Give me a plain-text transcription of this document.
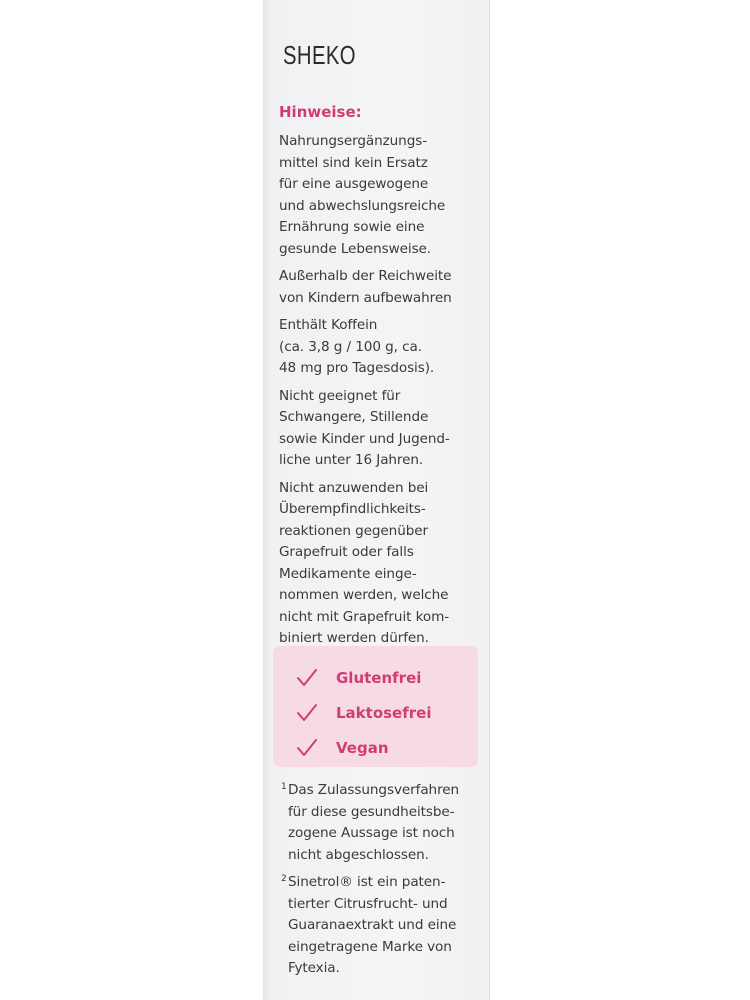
SHEKO
Hinweise:

Nahrungsergänzungs-
mittel sind kein Ersatz
für eine ausgewogene
und abwechslungsreiche
Ernährung sowie eine
gesunde Lebensweise.

Außerhalb der Reichweite
von Kindern aufbewahren

Enthält Koffein
(ca. 3,8 g / 100 g, ca.
48 mg pro Tagesdosis).

Nicht geeignet für
Schwangere, Stillende
sowie Kinder und Jugend-
liche unter 16 Jahren.

Nicht anzuwenden bei
Überempfindlichkeits-
reaktionen gegenüber
Grapefruit oder falls
Medikamente einge-
nommen werden, welche
nicht mit Grapefruit kom-
biniert werden dürfen.

Glutenfrei
Laktosefrei
Vegan
1 Das Zulassungsverfahren
für diese gesundheitsbe-
zogene Aussage ist noch
nicht abgeschlossen.
2 Sinetrol® ist ein paten-
tierter Citrusfrucht- und
Guaranaextrakt und eine
eingetragene Marke von
Fytexia.
